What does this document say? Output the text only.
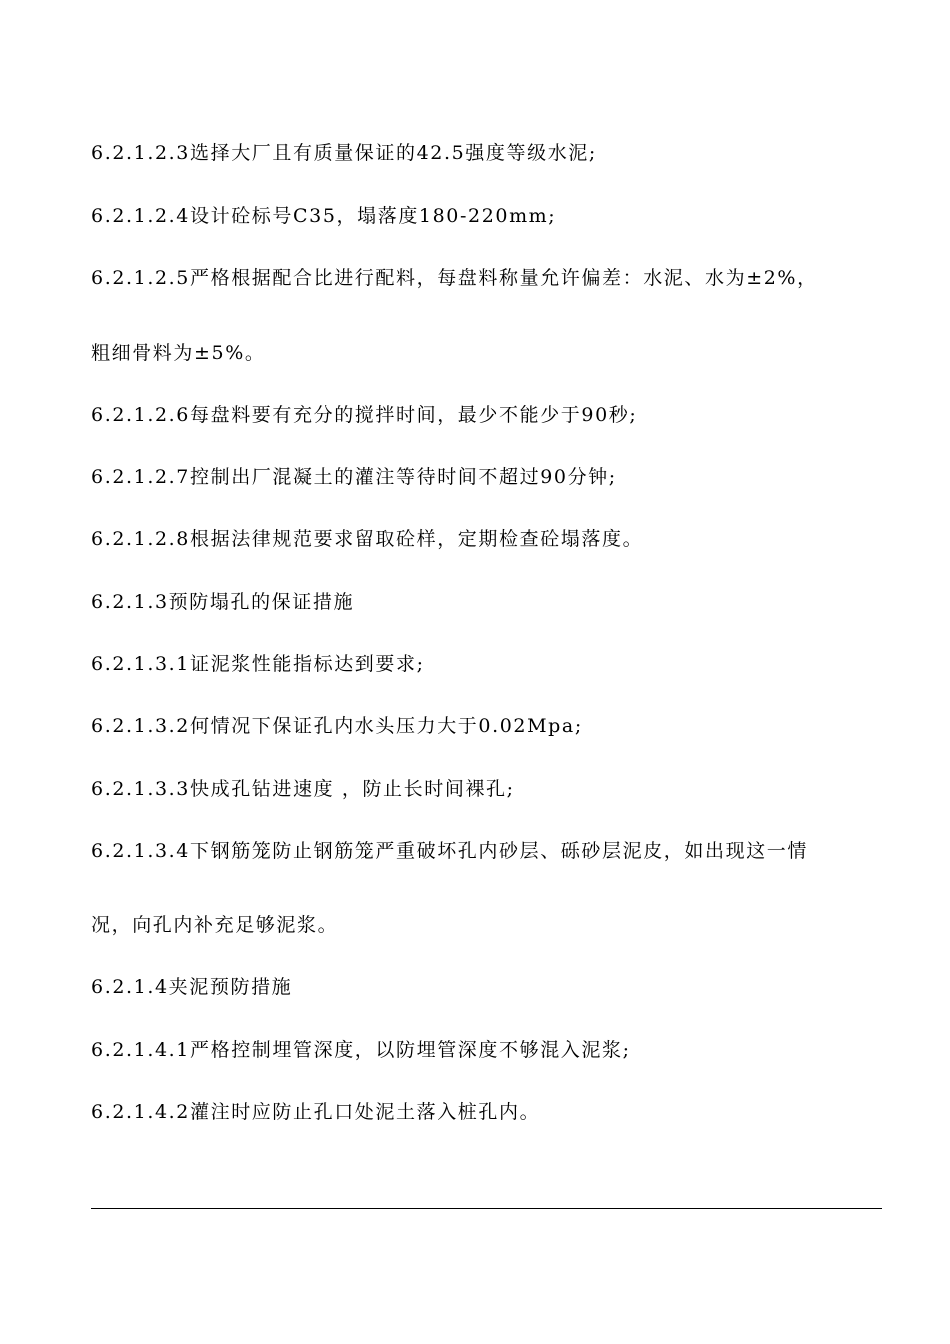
6.2.1.2.3选择大厂且有质量保证的42.5强度等级水泥;
6.2.1.2.4设计砼标号C35，塌落度180-220mm;
6.2.1.2.5严格根据配合比进行配料，每盘料称量允许偏差：水泥、水为±2%，
粗细骨料为±5%。
6.2.1.2.6每盘料要有充分的搅拌时间，最少不能少于90秒;
6.2.1.2.7控制出厂混凝土的灌注等待时间不超过90分钟;
6.2.1.2.8根据法律规范要求留取砼样，定期检查砼塌落度。
6.2.1.3预防塌孔的保证措施
6.2.1.3.1证泥浆性能指标达到要求;
6.2.1.3.2何情况下保证孔内水头压力大于0.02Mpa;
6.2.1.3.3快成孔钻进速度 ，防止长时间裸孔;
6.2.1.3.4下钢筋笼防止钢筋笼严重破坏孔内砂层、砾砂层泥皮，如出现这一情
况，向孔内补充足够泥浆。
6.2.1.4夹泥预防措施
6.2.1.4.1严格控制埋管深度，以防埋管深度不够混入泥浆;
6.2.1.4.2灌注时应防止孔口处泥土落入桩孔内。
